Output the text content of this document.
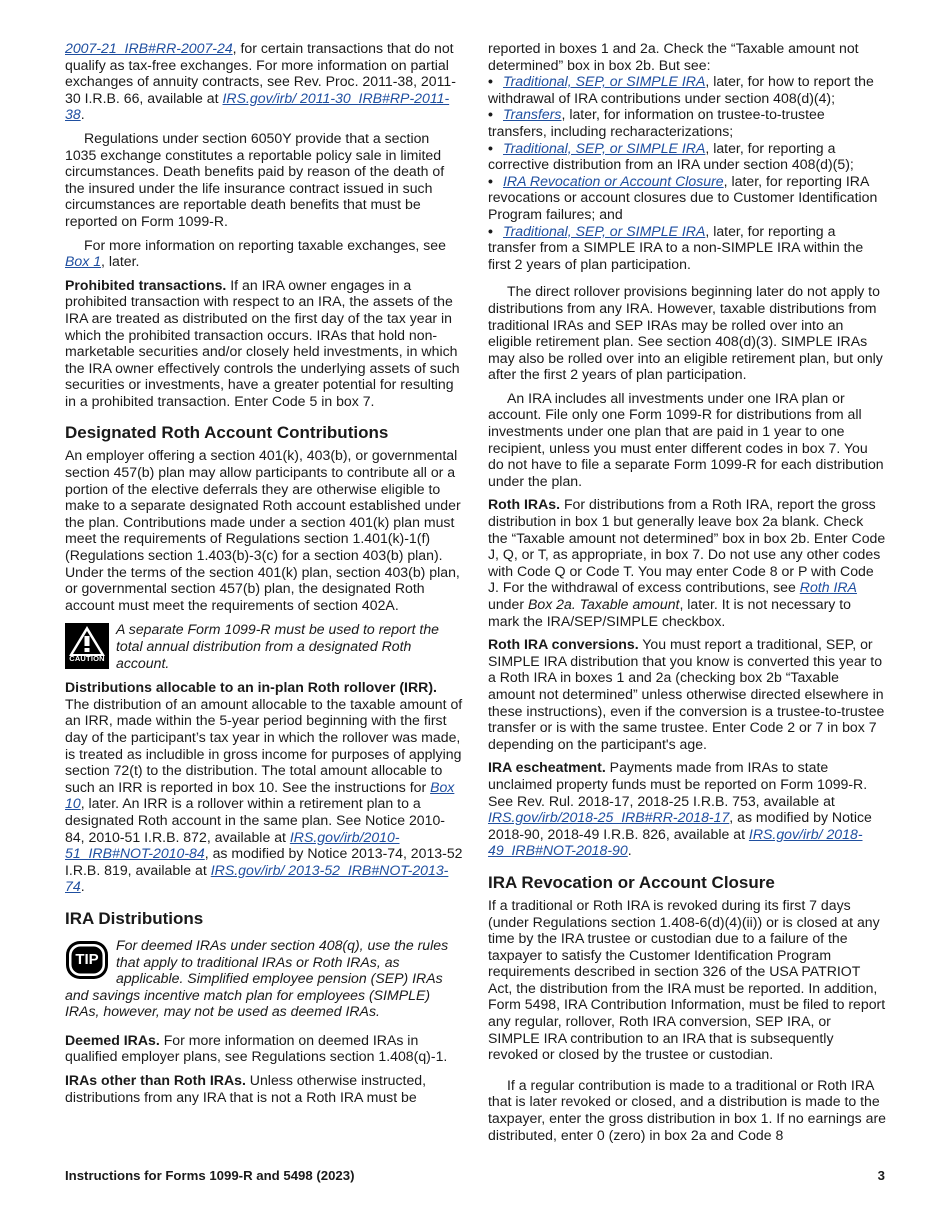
2007-21_IRB#RR-2007-24, for certain transactions that do not qualify as tax-free exchanges. For more information on partial exchanges of annuity contracts, see Rev. Proc. 2011-38, 2011-30 I.R.B. 66, available at IRS.gov/irb/ 2011-30_IRB#RP-2011-38.

Regulations under section 6050Y provide that a section 1035 exchange constitutes a reportable policy sale in limited circumstances. Death benefits paid by reason of the death of the insured under the life insurance contract issued in such circumstances are reportable death benefits that must be reported on Form 1099-R.

For more information on reporting taxable exchanges, see Box 1, later.

Prohibited transactions. If an IRA owner engages in a prohibited transaction with respect to an IRA, the assets of the IRA are treated as distributed on the first day of the tax year in which the prohibited transaction occurs. IRAs that hold non-marketable securities and/or closely held investments, in which the IRA owner effectively controls the underlying assets of such securities or investments, have a greater potential for resulting in a prohibited transaction. Enter Code 5 in box 7.

Designated Roth Account Contributions

An employer offering a section 401(k), 403(b), or governmental section 457(b) plan may allow participants to contribute all or a portion of the elective deferrals they are otherwise eligible to make to a separate designated Roth account established under the plan. Contributions made under a section 401(k) plan must meet the requirements of Regulations section 1.401(k)-1(f) (Regulations section 1.403(b)-3(c) for a section 403(b) plan). Under the terms of the section 401(k) plan, section 403(b) plan, or governmental section 457(b) plan, the designated Roth account must meet the requirements of section 402A.

CAUTION
A separate Form 1099-R must be used to report the total annual distribution from a designated Roth account.

Distributions allocable to an in-plan Roth rollover (IRR). The distribution of an amount allocable to the taxable amount of an IRR, made within the 5-year period beginning with the first day of the participant’s tax year in which the rollover was made, is treated as includible in gross income for purposes of applying section 72(t) to the distribution. The total amount allocable to such an IRR is reported in box 10. See the instructions for Box 10, later. An IRR is a rollover within a retirement plan to a designated Roth account in the same plan. See Notice 2010-84, 2010-51 I.R.B. 872, available at IRS.gov/irb/2010-51_IRB#NOT-2010-84, as modified by Notice 2013-74, 2013-52 I.R.B. 819, available at IRS.gov/irb/ 2013-52_IRB#NOT-2013-74.

IRA Distributions
TIP
For deemed IRAs under section 408(q), use the rules that apply to traditional IRAs or Roth IRAs, as applicable. Simplified employee pension (SEP) IRAs and savings incentive match plan for employees (SIMPLE) IRAs, however, may not be used as deemed IRAs.

Deemed IRAs. For more information on deemed IRAs in qualified employer plans, see Regulations section 1.408(q)-1.

IRAs other than Roth IRAs. Unless otherwise instructed, distributions from any IRA that is not a Roth IRA must be

reported in boxes 1 and 2a. Check the “Taxable amount not determined” box in box 2b. But see:

• Traditional, SEP, or SIMPLE IRA, later, for how to report the withdrawal of IRA contributions under section 408(d)(4);

• Transfers, later, for information on trustee-to-trustee transfers, including recharacterizations;

• Traditional, SEP, or SIMPLE IRA, later, for reporting a corrective distribution from an IRA under section 408(d)(5);

• IRA Revocation or Account Closure, later, for reporting IRA revocations or account closures due to Customer Identification Program failures; and

• Traditional, SEP, or SIMPLE IRA, later, for reporting a transfer from a SIMPLE IRA to a non-SIMPLE IRA within the first 2 years of plan participation.

The direct rollover provisions beginning later do not apply to distributions from any IRA. However, taxable distributions from traditional IRAs and SEP IRAs may be rolled over into an eligible retirement plan. See section 408(d)(3). SIMPLE IRAs may also be rolled over into an eligible retirement plan, but only after the first 2 years of plan participation.

An IRA includes all investments under one IRA plan or account. File only one Form 1099-R for distributions from all investments under one plan that are paid in 1 year to one recipient, unless you must enter different codes in box 7. You do not have to file a separate Form 1099-R for each distribution under the plan.

Roth IRAs. For distributions from a Roth IRA, report the gross distribution in box 1 but generally leave box 2a blank. Check the “Taxable amount not determined” box in box 2b. Enter Code J, Q, or T, as appropriate, in box 7. Do not use any other codes with Code Q or Code T. You may enter Code 8 or P with Code J. For the withdrawal of excess contributions, see Roth IRA under Box 2a. Taxable amount, later. It is not necessary to mark the IRA/SEP/SIMPLE checkbox.

Roth IRA conversions. You must report a traditional, SEP, or SIMPLE IRA distribution that you know is converted this year to a Roth IRA in boxes 1 and 2a (checking box 2b “Taxable amount not determined” unless otherwise directed elsewhere in these instructions), even if the conversion is a trustee-to-trustee transfer or is with the same trustee. Enter Code 2 or 7 in box 7 depending on the participant's age.

IRA escheatment. Payments made from IRAs to state unclaimed property funds must be reported on Form 1099-R. See Rev. Rul. 2018-17, 2018-25 I.R.B. 753, available at IRS.gov/irb/2018-25_IRB#RR-2018-17, as modified by Notice 2018-90, 2018-49 I.R.B. 826, available at IRS.gov/irb/ 2018-49_IRB#NOT-2018-90.

IRA Revocation or Account Closure

If a traditional or Roth IRA is revoked during its first 7 days (under Regulations section 1.408-6(d)(4)(ii)) or is closed at any time by the IRA trustee or custodian due to a failure of the taxpayer to satisfy the Customer Identification Program requirements described in section 326 of the USA PATRIOT Act, the distribution from the IRA must be reported. In addition, Form 5498, IRA Contribution Information, must be filed to report any regular, rollover, Roth IRA conversion, SEP IRA, or SIMPLE IRA contribution to an IRA that is subsequently revoked or closed by the trustee or custodian.

If a regular contribution is made to a traditional or Roth IRA that is later revoked or closed, and a distribution is made to the taxpayer, enter the gross distribution in box 1. If no earnings are distributed, enter 0 (zero) in box 2a and Code 8

Instructions for Forms 1099-R and 5498 (2023)	3
